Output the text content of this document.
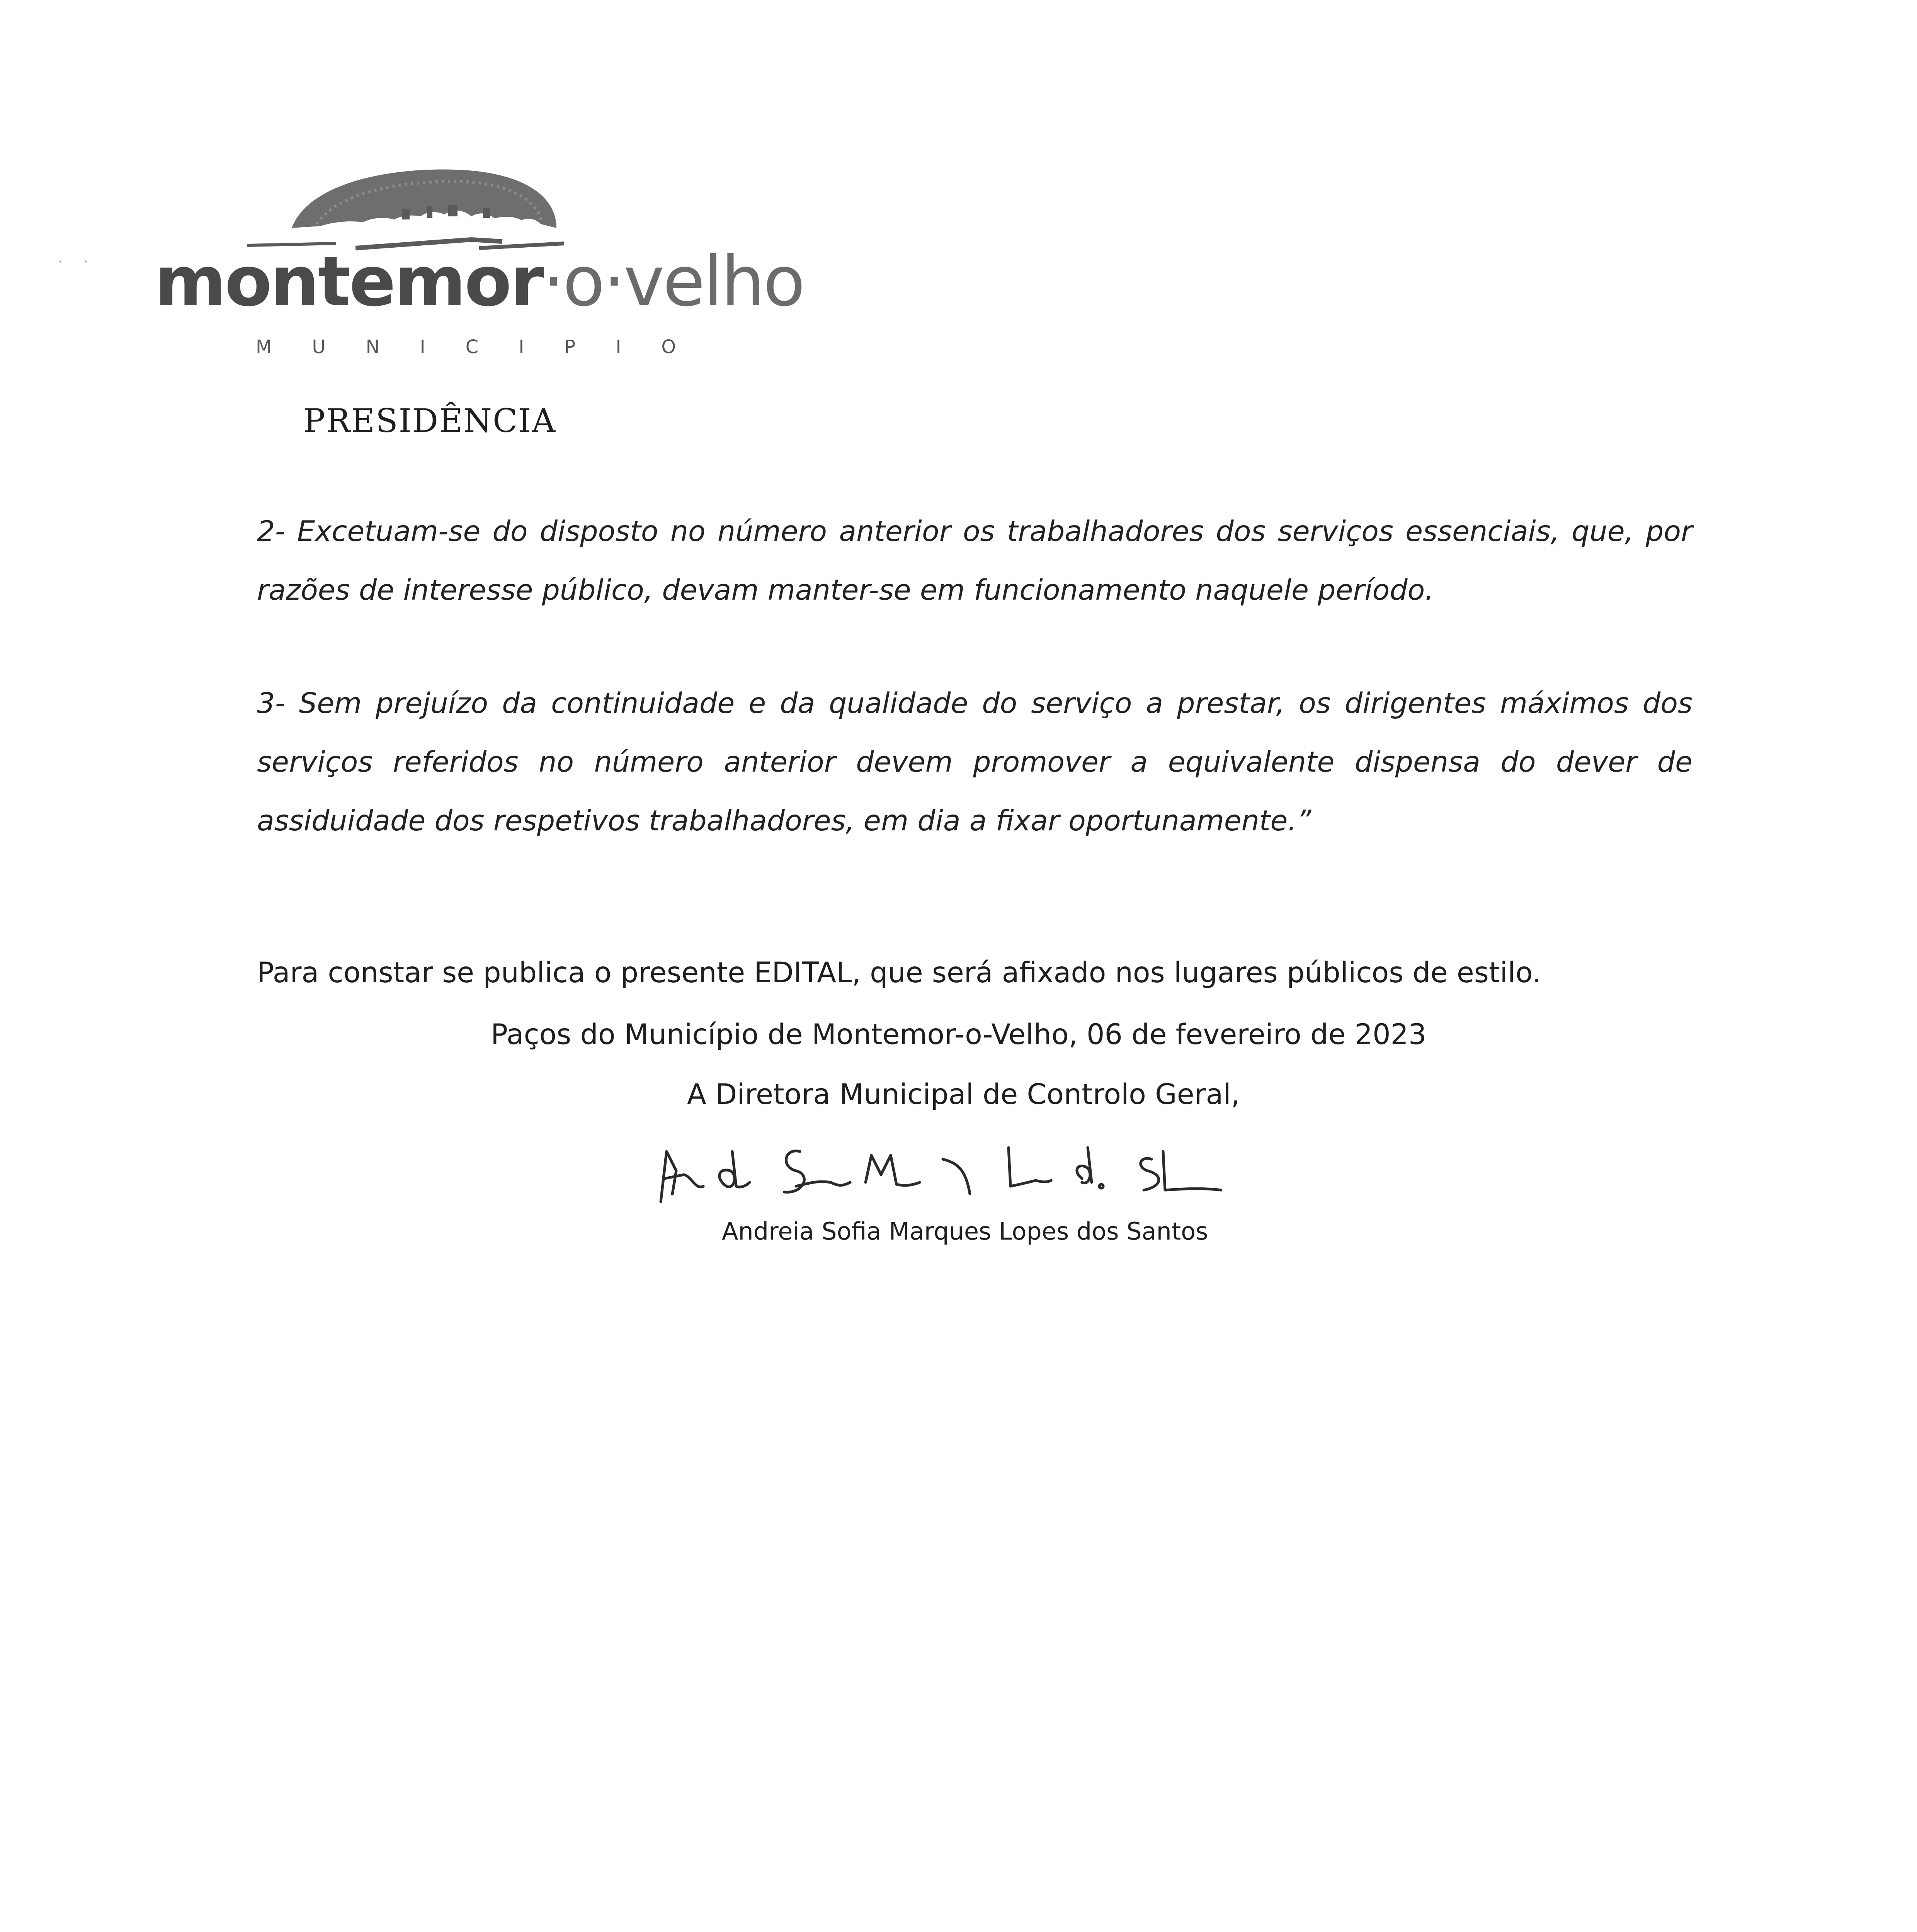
montemor·o·velho
MUNICIPIO
· ·
PRESIDÊNCIA
2- Excetuam-se do disposto no número anterior os trabalhadores dos serviços essenciais, que, por razões de interesse público, devam manter-se em funcionamento naquele período.
3- Sem prejuízo da continuidade e da qualidade do serviço a prestar, os dirigentes máximos dos serviços referidos no número anterior devem promover a equivalente dispensa do dever de assiduidade dos respetivos trabalhadores, em dia a fixar oportunamente.”
Para constar se publica o presente EDITAL, que será afixado nos lugares públicos de estilo.
Paços do Município de Montemor-o-Velho, 06 de fevereiro de 2023
A Diretora Municipal de Controlo Geral,
Andreia Sofia Marques Lopes dos Santos
